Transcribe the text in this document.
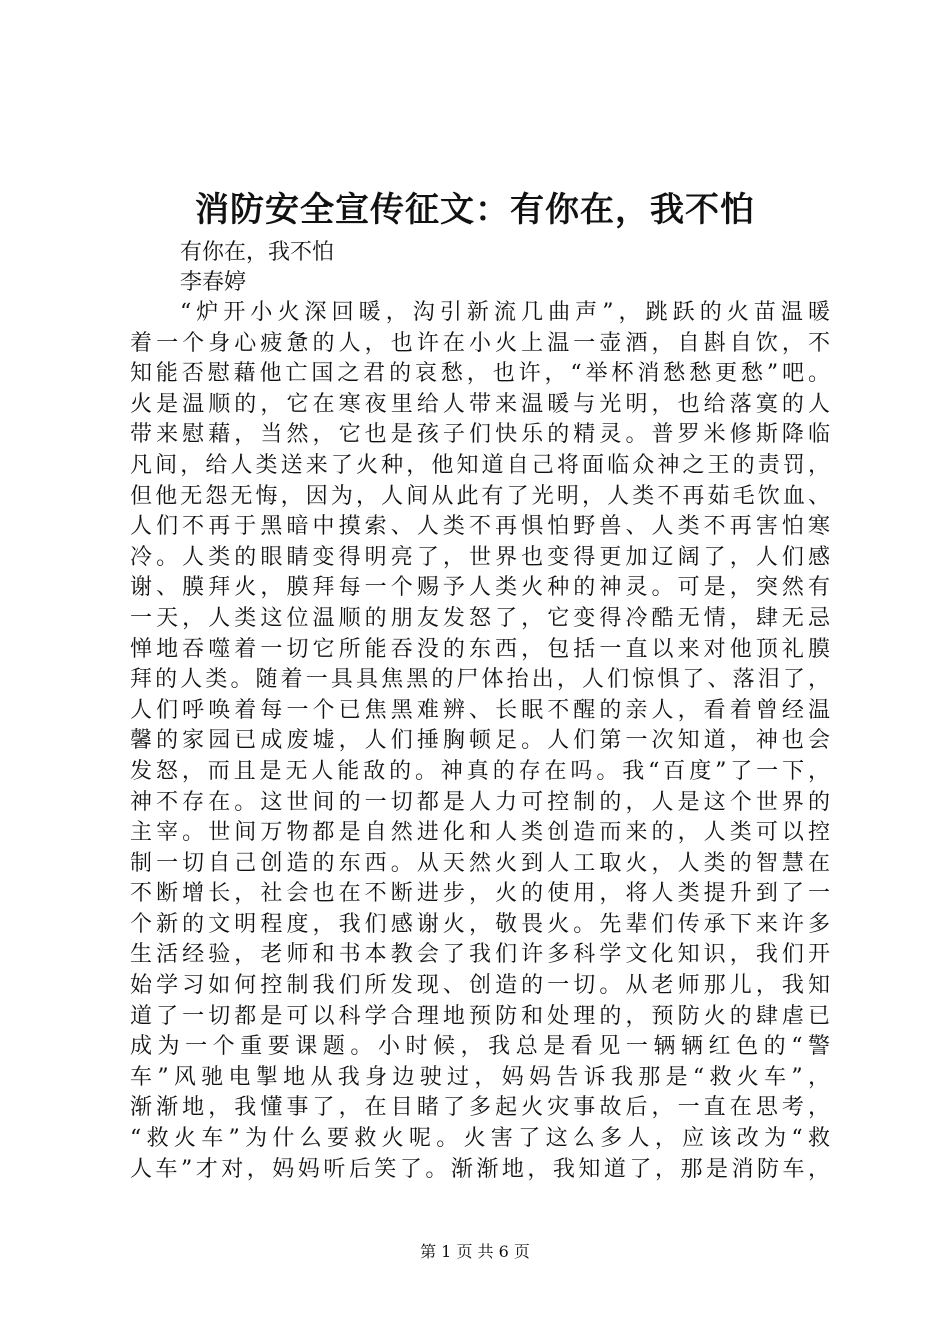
消防安全宣传征文：有你在，我不怕

有你在，我不怕

李春婷

“炉开小火深回暖，沟引新流几曲声”，跳跃的火苗温暖
着一个身心疲惫的人，也许在小火上温一壶酒，自斟自饮，不
知能否慰藉他亡国之君的哀愁，也许，“举杯消愁愁更愁”吧。
火是温顺的，它在寒夜里给人带来温暖与光明，也给落寞的人
带来慰藉，当然，它也是孩子们快乐的精灵。普罗米修斯降临
凡间，给人类送来了火种，他知道自己将面临众神之王的责罚，
但他无怨无悔，因为，人间从此有了光明，人类不再茹毛饮血、
人们不再于黑暗中摸索、人类不再惧怕野兽、人类不再害怕寒
冷。人类的眼睛变得明亮了，世界也变得更加辽阔了，人们感
谢、膜拜火，膜拜每一个赐予人类火种的神灵。可是，突然有
一天，人类这位温顺的朋友发怒了，它变得冷酷无情，肆无忌
惮地吞噬着一切它所能吞没的东西，包括一直以来对他顶礼膜
拜的人类。随着一具具焦黑的尸体抬出，人们惊惧了、落泪了，
人们呼唤着每一个已焦黑难辨、长眠不醒的亲人，看着曾经温
馨的家园已成废墟，人们捶胸顿足。人们第一次知道，神也会
发怒，而且是无人能敌的。神真的存在吗。我“百度”了一下，
神不存在。这世间的一切都是人力可控制的，人是这个世界的
主宰。世间万物都是自然进化和人类创造而来的，人类可以控
制一切自己创造的东西。从天然火到人工取火，人类的智慧在
不断增长，社会也在不断进步，火的使用，将人类提升到了一
个新的文明程度，我们感谢火，敬畏火。先辈们传承下来许多
生活经验，老师和书本教会了我们许多科学文化知识，我们开
始学习如何控制我们所发现、创造的一切。从老师那儿，我知
道了一切都是可以科学合理地预防和处理的，预防火的肆虐已
成为一个重要课题。小时候，我总是看见一辆辆红色的“警
车”风驰电掣地从我身边驶过，妈妈告诉我那是“救火车”，
渐渐地，我懂事了，在目睹了多起火灾事故后，一直在思考，
“救火车”为什么要救火呢。火害了这么多人，应该改为“救
人车”才对，妈妈听后笑了。渐渐地，我知道了，那是消防车，
第 1 页 共 6 页
